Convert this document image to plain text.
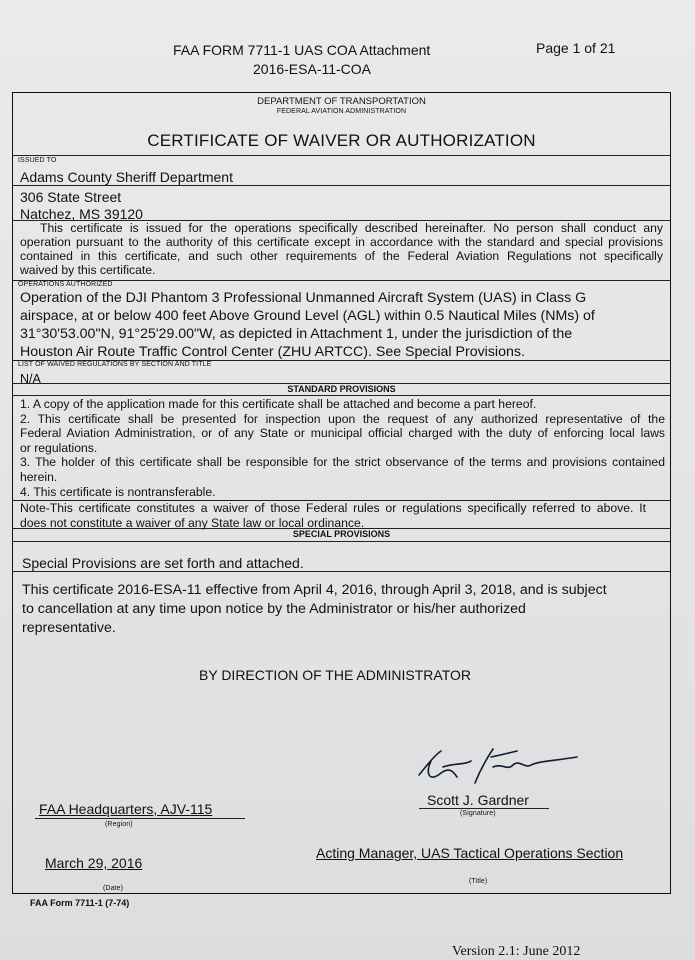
FAA FORM 7711-1 UAS COA Attachment
2016-ESA-11-COA
Page 1 of 21
DEPARTMENT OF TRANSPORTATION
FEDERAL AVIATION ADMINISTRATION
CERTIFICATE OF WAIVER OR AUTHORIZATION
ISSUED TO
Adams County Sheriff Department
306 State Street
Natchez, MS 39120
This certificate is issued for the operations specifically described hereinafter. No person shall conduct any
operation pursuant to the authority of this certificate except in accordance with the standard and special provisions
contained in this certificate, and such other requirements of the Federal Aviation Regulations not specifically
waived by this certificate.
OPERATIONS AUTHORIZED
Operation of the DJI Phantom 3 Professional Unmanned Aircraft System (UAS) in Class G
airspace, at or below 400 feet Above Ground Level (AGL) within 0.5 Nautical Miles (NMs) of
31°30'53.00"N, 91°25'29.00"W, as depicted in Attachment 1, under the jurisdiction of the
Houston Air Route Traffic Control Center (ZHU ARTCC). See Special Provisions.
LIST OF WAIVED REGULATIONS BY SECTION AND TITLE
N/A
STANDARD PROVISIONS
1. A copy of the application made for this certificate shall be attached and become a part hereof.
2. This certificate shall be presented for inspection upon the request of any authorized representative of the
Federal Aviation Administration, or of any State or municipal official charged with the duty of enforcing local laws
or regulations.
3. The holder of this certificate shall be responsible for the strict observance of the terms and provisions contained
herein.
4. This certificate is nontransferable.
Note-This certificate constitutes a waiver of those Federal rules or regulations specifically referred to above. It
does not constitute a waiver of any State law or local ordinance.
SPECIAL PROVISIONS
Special Provisions are set forth and attached.
This certificate 2016-ESA-11 effective from April 4, 2016, through April 3, 2018, and is subject
to cancellation at any time upon notice by the Administrator or his/her authorized
representative.
BY DIRECTION OF THE ADMINISTRATOR
FAA Headquarters, AJV-115
(Region)
Scott J. Gardner
(Signature)
March 29, 2016
(Date)
Acting Manager, UAS Tactical Operations Section
(Title)
FAA Form 7711-1 (7-74)
Version 2.1: June 2012
